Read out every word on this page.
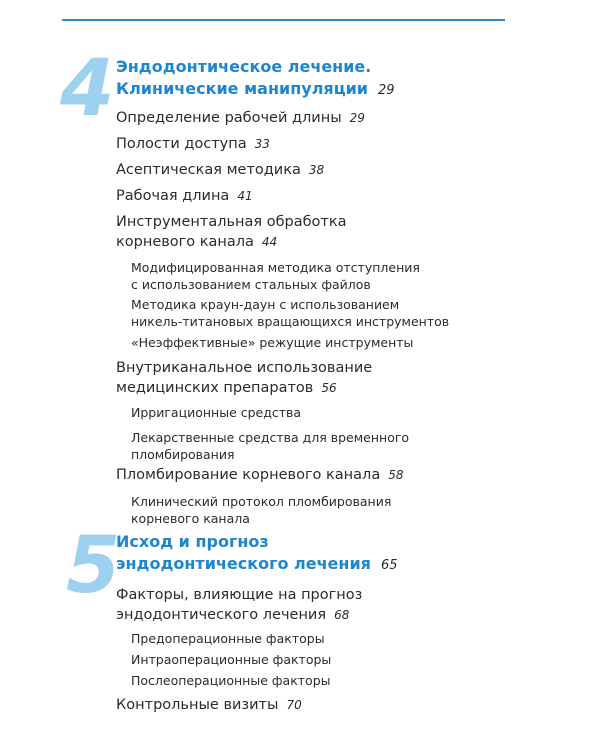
4 Эндодонтическое лечение.
Клинические манипуляции 29
Определение рабочей длины 29
Полости доступа 33
Асептическая методика 38
Рабочая длина 41
Инструментальная обработка
корневого канала 44
Модифицированная методика отступления
с использованием стальных файлов
Методика краун-даун с использованием
никель-титановых вращающихся инструментов
«Неэффективные» режущие инструменты
Внутриканальное использование
медицинских препаратов 56
Ирригационные средства
Лекарственные средства для временного
пломбирования
Пломбирование корневого канала 58
Клинический протокол пломбирования
корневого канала
5
Исход и прогноз
эндодонтического лечения 65
Факторы, влияющие на прогноз
эндодонтического лечения 68
Предоперационные факторы
Интраоперационные факторы
Послеоперационные факторы
Контрольные визиты 70
